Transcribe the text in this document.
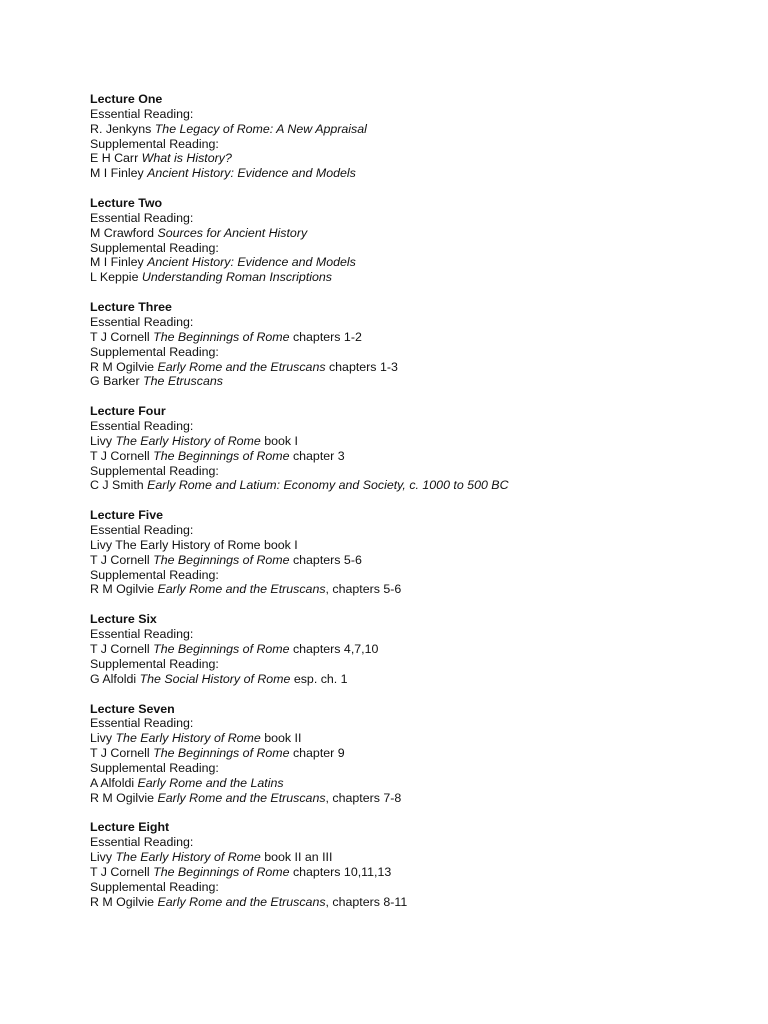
Lecture One
Essential Reading:
R. Jenkyns The Legacy of Rome: A New Appraisal
Supplemental Reading:
E H Carr What is History?
M I Finley Ancient History: Evidence and Models
Lecture Two
Essential Reading:
M Crawford Sources for Ancient History
Supplemental Reading:
M I Finley Ancient History: Evidence and Models
L Keppie Understanding Roman Inscriptions
Lecture Three
Essential Reading:
T J Cornell The Beginnings of Rome chapters 1-2
Supplemental Reading:
R M Ogilvie Early Rome and the Etruscans chapters 1-3
G Barker The Etruscans
Lecture Four
Essential Reading:
Livy The Early History of Rome book I
T J Cornell The Beginnings of Rome chapter 3
Supplemental Reading:
C J Smith Early Rome and Latium: Economy and Society, c. 1000 to 500 BC
Lecture Five
Essential Reading:
Livy The Early History of Rome book I
T J Cornell The Beginnings of Rome chapters 5-6
Supplemental Reading:
R M Ogilvie Early Rome and the Etruscans, chapters 5-6
Lecture Six
Essential Reading:
T J Cornell The Beginnings of Rome chapters 4,7,10
Supplemental Reading:
G Alfoldi The Social History of Rome esp. ch. 1
Lecture Seven
Essential Reading:
Livy The Early History of Rome book II
T J Cornell The Beginnings of Rome chapter 9
Supplemental Reading:
A Alfoldi Early Rome and the Latins
R M Ogilvie Early Rome and the Etruscans, chapters 7-8
Lecture Eight
Essential Reading:
Livy The Early History of Rome book II an III
T J Cornell The Beginnings of Rome chapters 10,11,13
Supplemental Reading:
R M Ogilvie Early Rome and the Etruscans, chapters 8-11
